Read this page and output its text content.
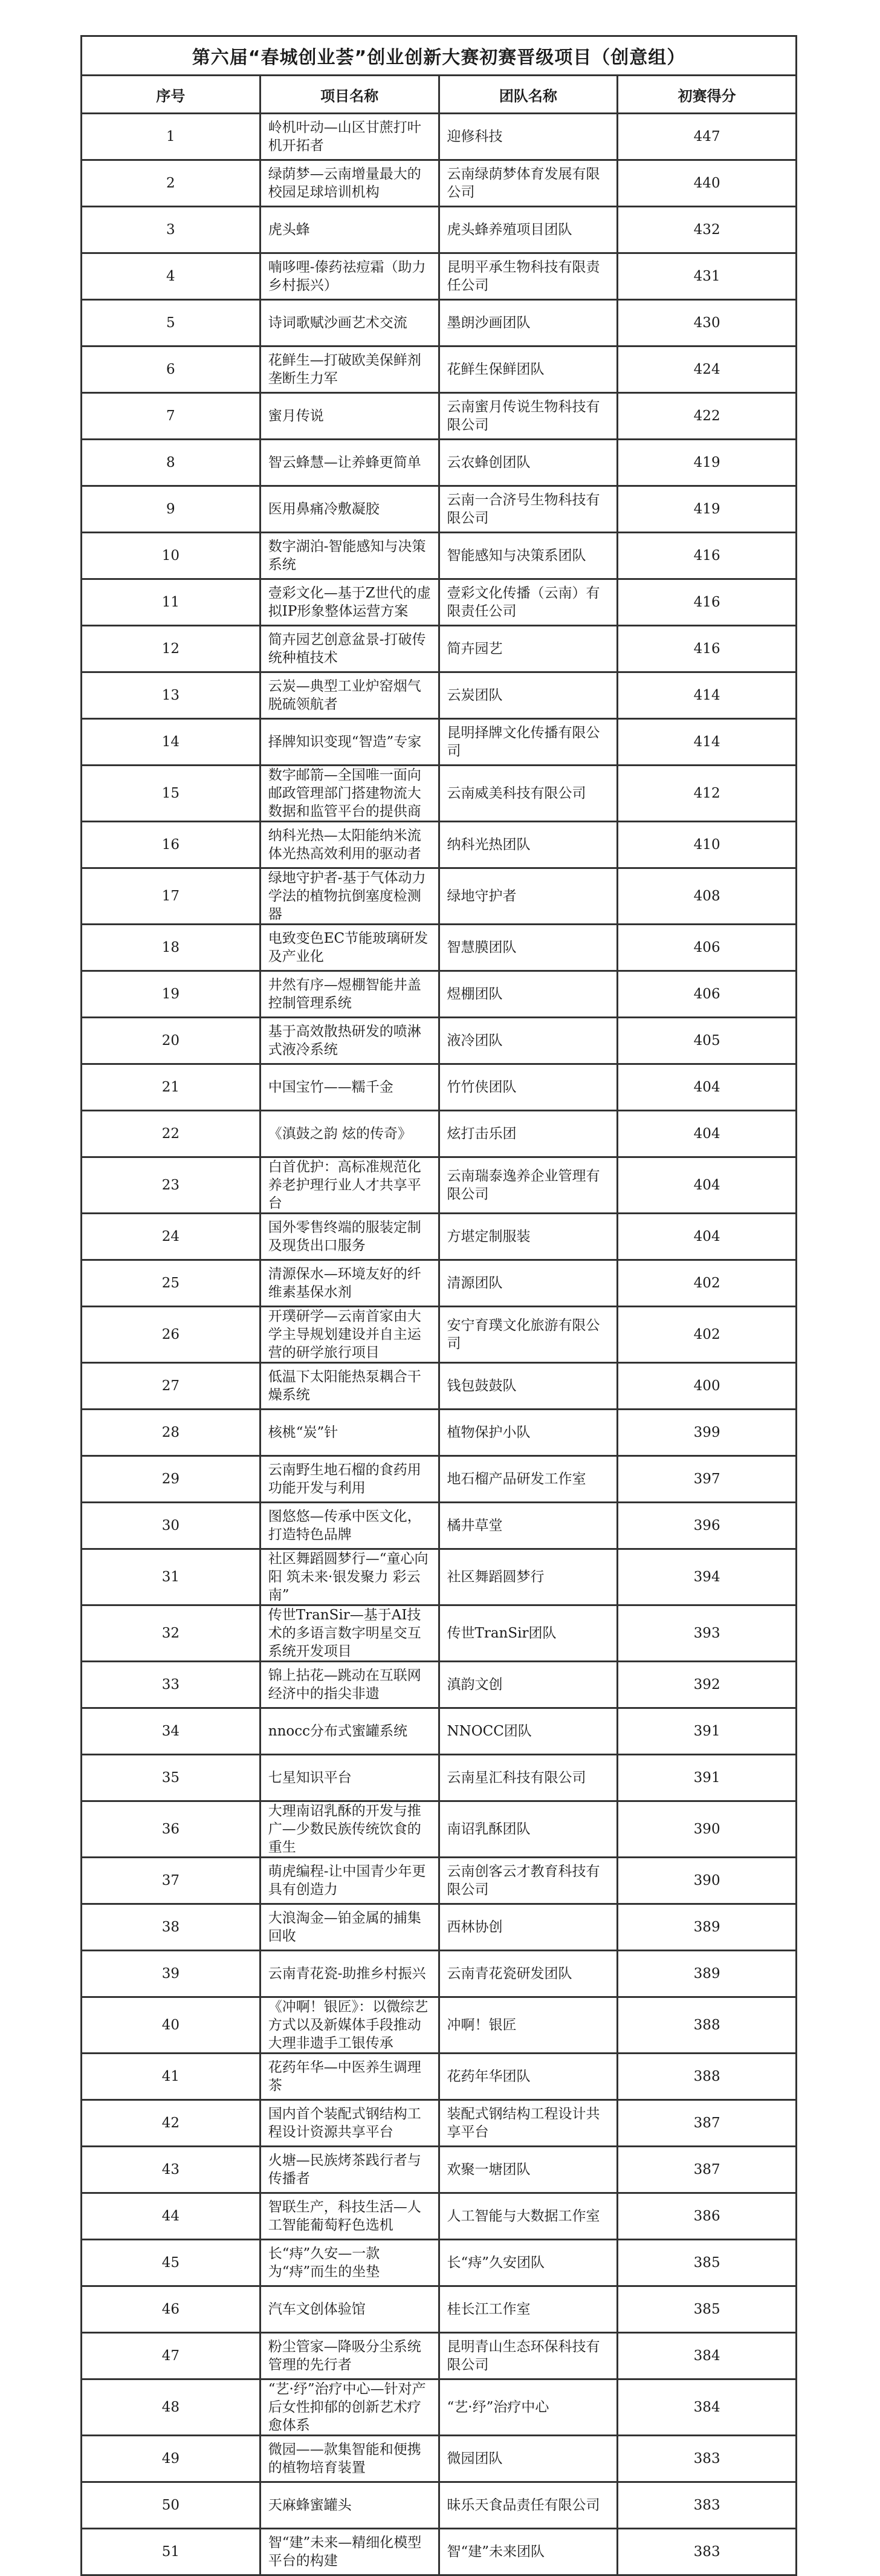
第六届“春城创业荟”创业创新大赛初赛晋级项目（创意组）			
序号	项目名称	团队名称	初赛得分
1	岭机叶动—山区甘蔗打叶机开拓者	迎修科技	447
2	绿荫梦—云南增量最大的校园足球培训机构	云南绿荫梦体育发展有限公司	440
3	虎头蜂	虎头蜂养殖项目团队	432
4	喃哆哩-傣药祛痘霜（助力乡村振兴）	昆明平承生物科技有限责任公司	431
5	诗词歌赋沙画艺术交流	墨朗沙画团队	430
6	花鲜生—打破欧美保鲜剂垄断生力军	花鲜生保鲜团队	424
7	蜜月传说	云南蜜月传说生物科技有限公司	422
8	智云蜂慧—让养蜂更简单	云农蜂创团队	419
9	医用鼻痛冷敷凝胶	云南一合济号生物科技有限公司	419
10	数字湖泊-智能感知与决策系统	智能感知与决策系团队	416
11	壹彩文化—基于Z世代的虚拟IP形象整体运营方案	壹彩文化传播（云南）有限责任公司	416
12	简卉园艺创意盆景-打破传统种植技术	简卉园艺	416
13	云炭—典型工业炉窑烟气脱硫领航者	云炭团队	414
14	择牌知识变现“智造”专家	昆明择牌文化传播有限公司	414
15	数字邮箭—全国唯一面向邮政管理部门搭建物流大数据和监管平台的提供商	云南威美科技有限公司	412
16	纳科光热—太阳能纳米流体光热高效利用的驱动者	纳科光热团队	410
17	绿地守护者-基于气体动力学法的植物抗倒塞度检测器	绿地守护者	408
18	电致变色EC节能玻璃研发及产业化	智慧膜团队	406
19	井然有序—煜棚智能井盖控制管理系统	煜棚团队	406
20	基于高效散热研发的喷淋式液冷系统	液冷团队	405
21	中国宝竹——糯千金	竹竹侠团队	404
22	《滇鼓之韵 炫的传奇》	炫打击乐团	404
23	白首优护：高标准规范化养老护理行业人才共享平台	云南瑞泰逸养企业管理有限公司	404
24	国外零售终端的服装定制及现货出口服务	方堪定制服装	404
25	清源保水—环境友好的纤维素基保水剂	清源团队	402
26	开璞研学—云南首家由大学主导规划建设并自主运营的研学旅行项目	安宁育璞文化旅游有限公司	402
27	低温下太阳能热泵耦合干燥系统	钱包鼓鼓队	400
28	核桃“炭”针	植物保护小队	399
29	云南野生地石榴的食药用功能开发与利用	地石榴产品研发工作室	397
30	图悠悠—传承中医文化，打造特色品牌	橘井草堂	396
31	社区舞蹈圆梦行—“童心向阳 筑未来·银发聚力 彩云南”	社区舞蹈圆梦行	394
32	传世TranSir—基于AI技术的多语言数字明星交互系统开发项目	传世TranSir团队	393
33	锦上拈花—跳动在互联网经济中的指尖非遗	滇韵文创	392
34	nnocc分布式蜜罐系统	NNOCC团队	391
35	七星知识平台	云南星汇科技有限公司	391
36	大理南诏乳酥的开发与推广—少数民族传统饮食的重生	南诏乳酥团队	390
37	萌虎编程-让中国青少年更具有创造力	云南创客云才教育科技有限公司	390
38	大浪淘金—铂金属的捕集回收	西林协创	389
39	云南青花瓷-助推乡村振兴	云南青花瓷研发团队	389
40	《冲啊！银匠》：以微综艺方式以及新媒体手段推动大理非遗手工银传承	冲啊！银匠	388
41	花药年华—中医养生调理茶	花药年华团队	388
42	国内首个装配式钢结构工程设计资源共享平台	装配式钢结构工程设计共享平台	387
43	火塘—民族烤茶践行者与传播者	欢聚一塘团队	387
44	智联生产，科技生活—人工智能葡萄籽色选机	人工智能与大数据工作室	386
45	长“痔”久安—一款为“痔”而生的坐垫	长“痔”久安团队	385
46	汽车文创体验馆	桂长江工作室	385
47	粉尘管家—降吸分尘系统管理的先行者	昆明青山生态环保科技有限公司	384
48	“艺·纾”治疗中心—针对产后女性抑郁的创新艺术疗愈体系	“艺·纾”治疗中心	384
49	微园——款集智能和便携的植物培育装置	微园团队	383
50	天麻蜂蜜罐头	昧乐天食品责任有限公司	383
51	智“建”未来—精细化模型平台的构建	智“建”未来团队	383
